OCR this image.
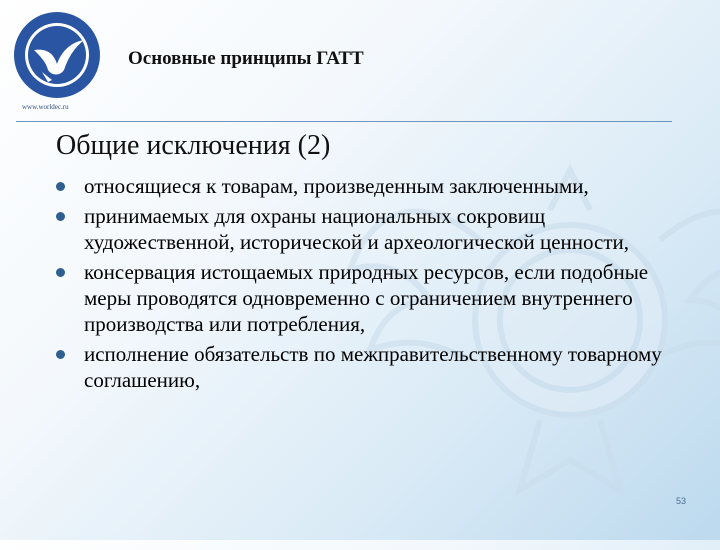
www.worldec.ru
Основные принципы ГАТТ
Общие исключения (2)
относящиеся к товарам, произведенным заключенными,
принимаемых для охраны национальных сокровищ художественной, исторической и археологической ценности,
консервация истощаемых природных ресурсов, если подобные меры проводятся одновременно с ограничением внутреннего производства или потребления,
исполнение обязательств по межправительственному товарному соглашению,
53
